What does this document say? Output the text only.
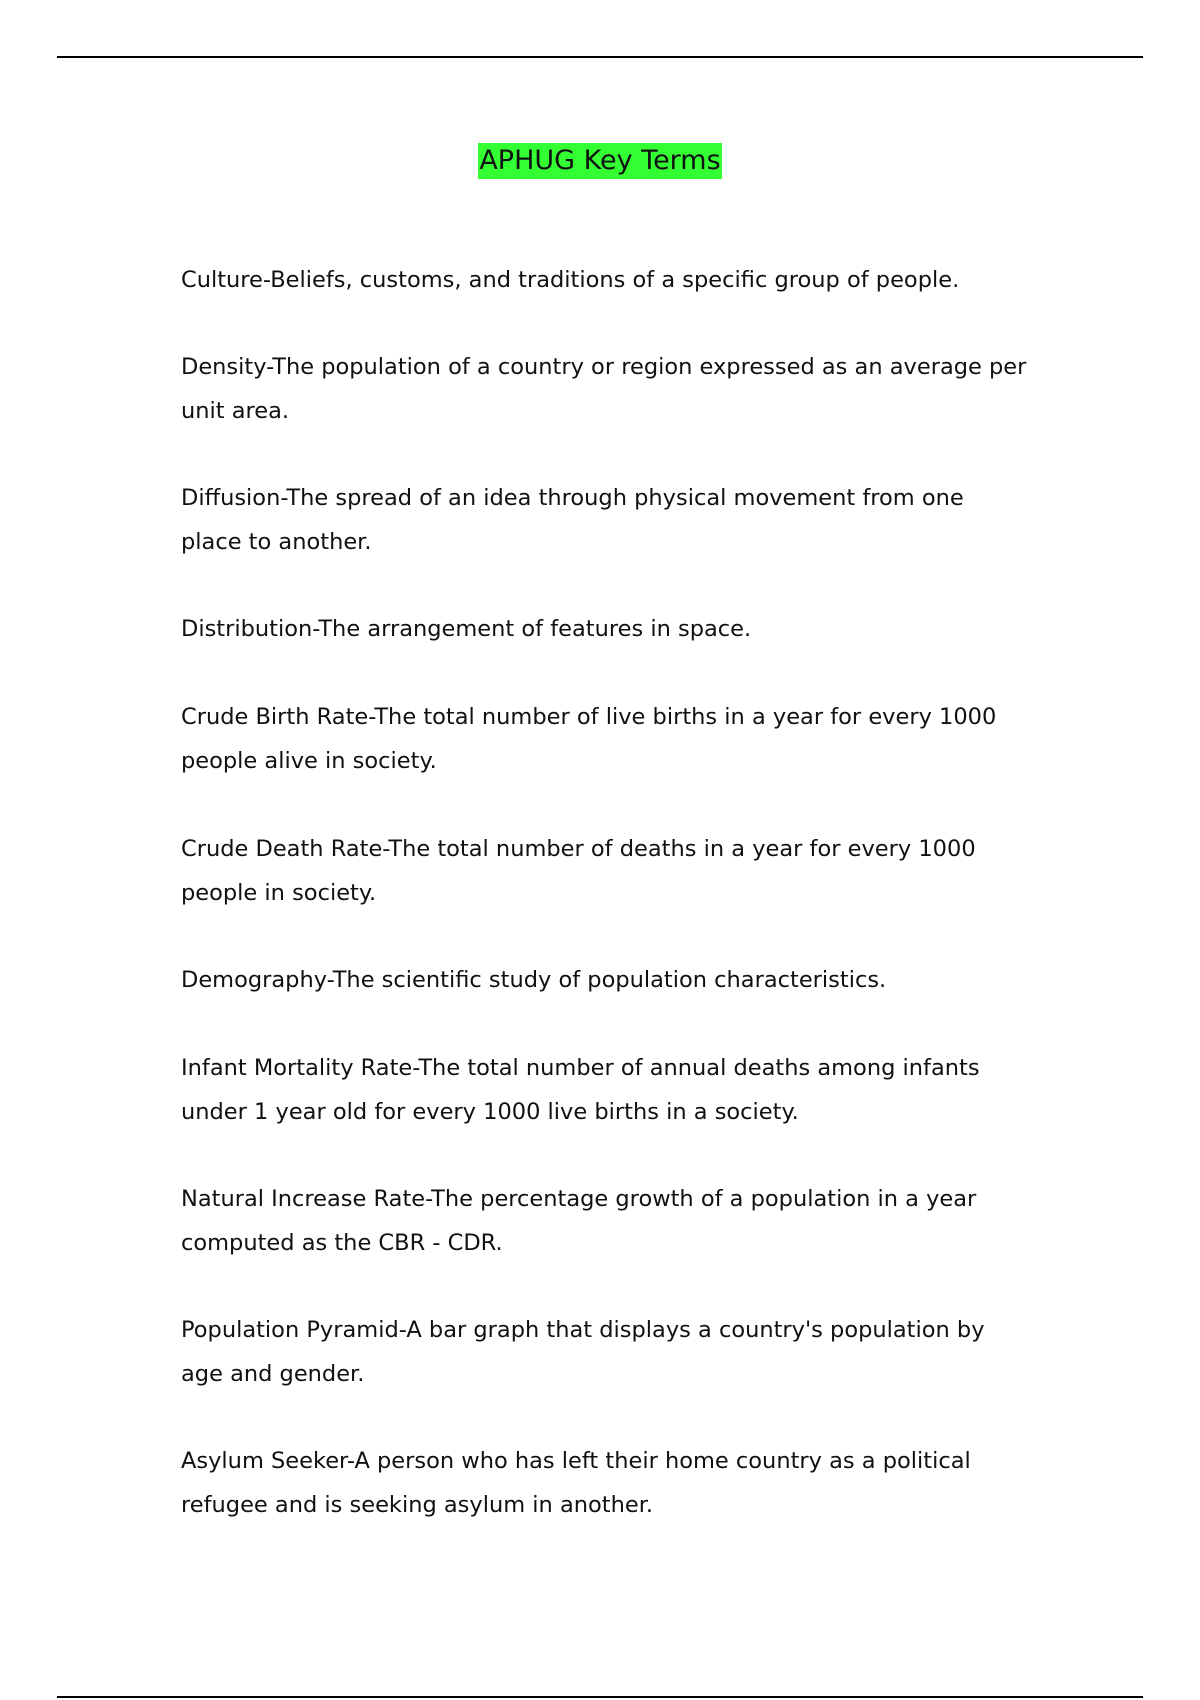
APHUG Key Terms

Culture-Beliefs, customs, and traditions of a specific group of people.

Density-The population of a country or region expressed as an average per unit area.

Diffusion-The spread of an idea through physical movement from one place to another.

Distribution-The arrangement of features in space.

Crude Birth Rate-The total number of live births in a year for every 1000 people alive in society.

Crude Death Rate-The total number of deaths in a year for every 1000 people in society.

Demography-The scientific study of population characteristics.

Infant Mortality Rate-The total number of annual deaths among infants under 1 year old for every 1000 live births in a society.

Natural Increase Rate-The percentage growth of a population in a year computed as the CBR - CDR.

Population Pyramid-A bar graph that displays a country's population by age and gender.

Asylum Seeker-A person who has left their home country as a political refugee and is seeking asylum in another.
